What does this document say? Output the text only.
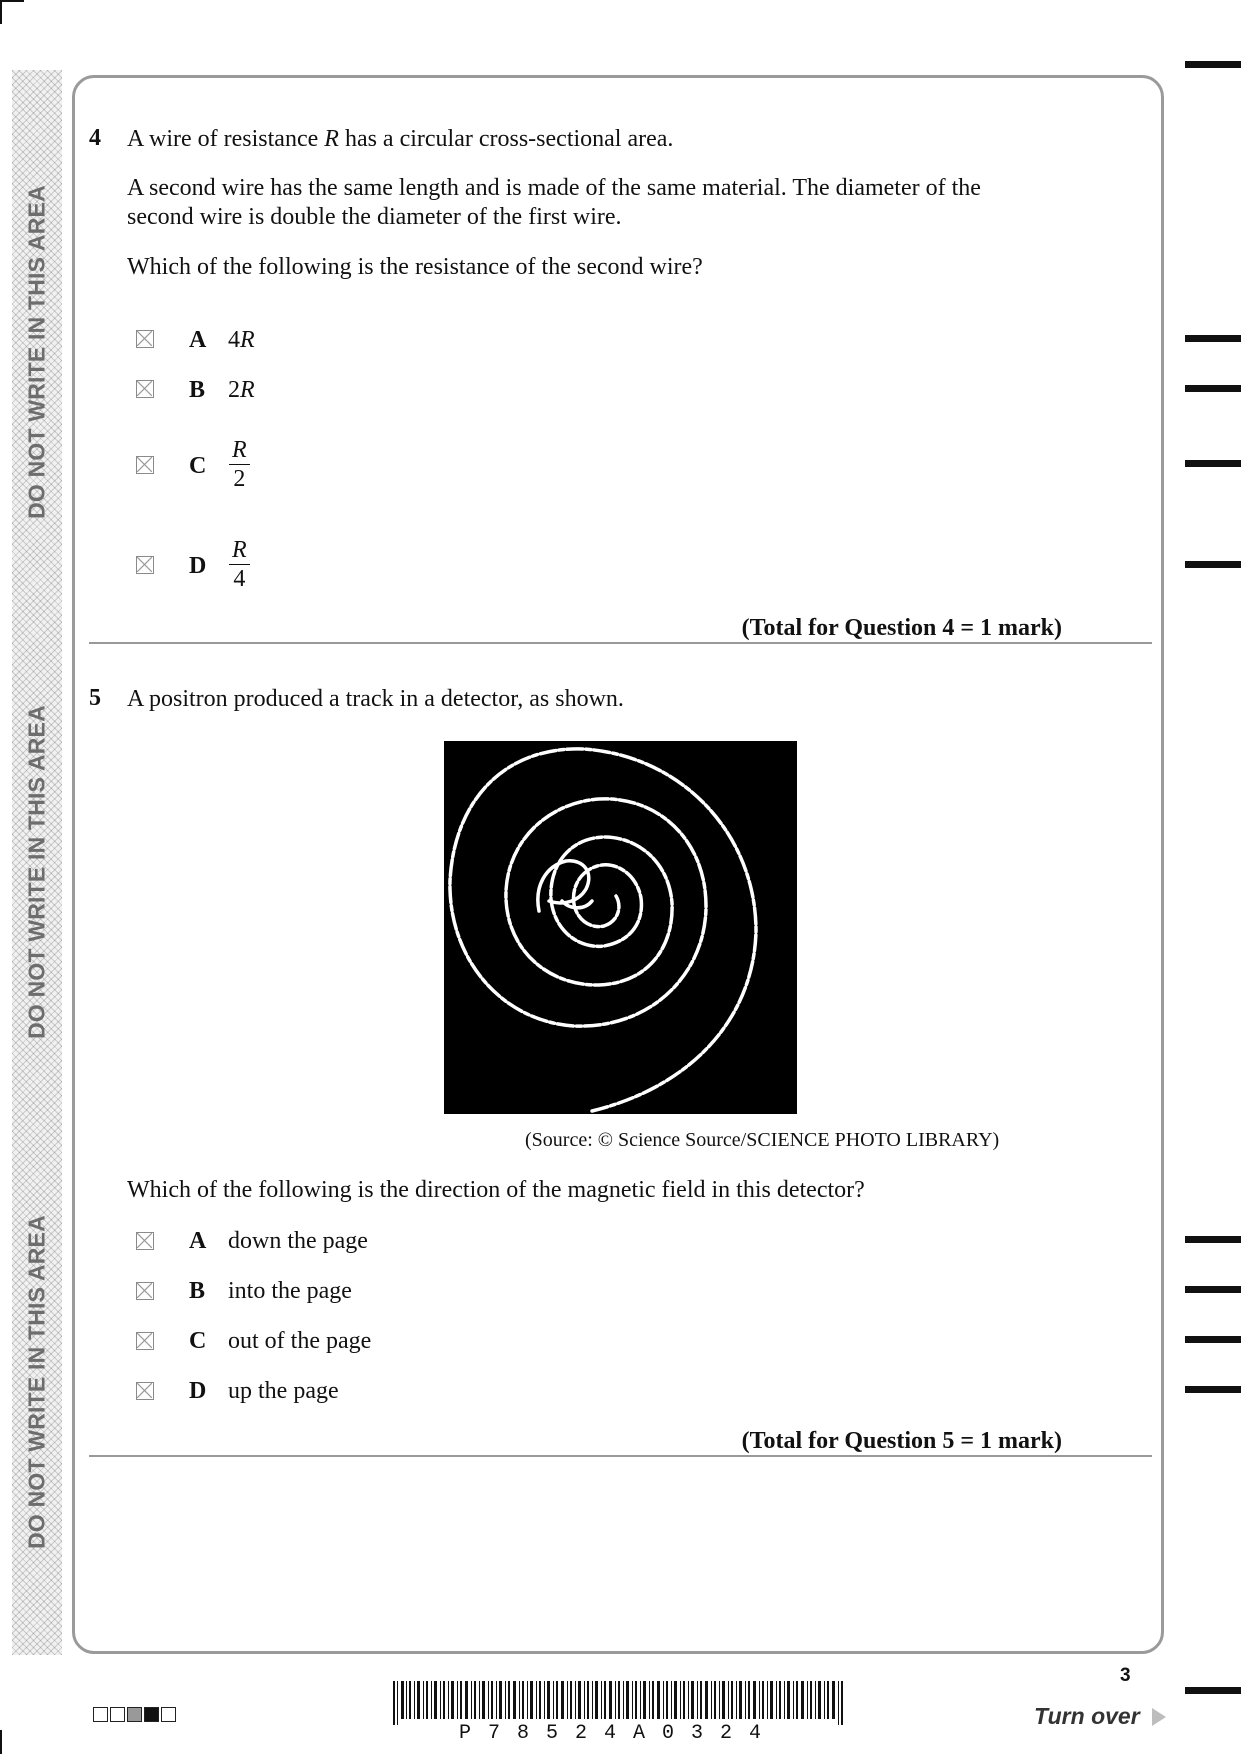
DO NOT WRITE IN THIS AREA
DO NOT WRITE IN THIS AREA
DO NOT WRITE IN THIS AREA
4 A wire of resistance R has a circular cross-sectional area.
A second wire has the same length and is made of the same material. The diameter of the second wire is double the diameter of the first wire.
Which of the following is the resistance of the second wire?
A 4R
B 2R
C $\frac{R}{2}$
D $\frac{R}{4}$
(Total for Question 4 = 1 mark)
5 A positron produced a track in a detector, as shown.
(Source: © Science Source/SCIENCE PHOTO LIBRARY)
Which of the following is the direction of the magnetic field in this detector?
A down the page
B into the page
C out of the page
D up the page
(Total for Question 5 = 1 mark)
P78524A0324
3
Turn over
